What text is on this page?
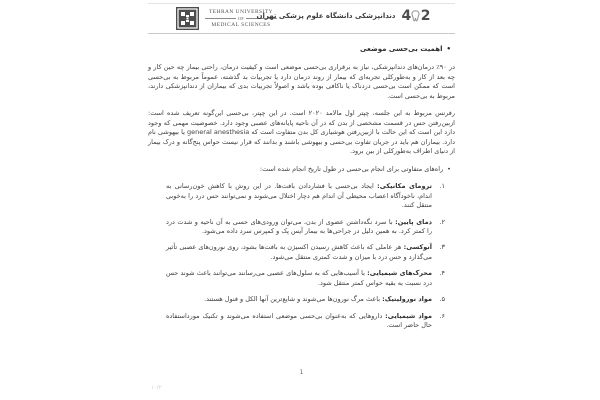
TEHRAN UNIVERSITY
OF
MEDICAL SCIENCES
4 2
دندانپزشکی دانشگاه علوم پزشکی تهران
•اهمیت بی‌حسی موضعی

در ۹۰٪ درمان‌های دندانپزشکی، نیاز به برقراری بی‌حسی موضعی است و کیفیت درمان، راحتی بیمار چه حین کار و چه بعد از کار و به‌طورکلی تجربه‌ای که بیمار از روند درمان دارد یا تجربیات بد گذشته، عموماً مربوط به بی‌حسی است که ممکن است بی‌حسی دردناک یا ناکافی بوده باشد و اصولاً تجربیات بدی که بیماران از دندانپزشکی دارند، مربوط به بی‌حسی است.

رفرنس مربوط به این جلسه، چپتر اول مالامد ۲۰۲۰ است. در این چپتر، بی‌حسی این‌گونه تعریف شده است: ازبین‌رفتن حس در قسمت مشخصی از بدن که در آن ناحیه پایانه‌های عصبی وجود دارد. خصوصیت مهمی که وجود دارد این است که این حالت با ازبین‌رفتن هوشیاری کل بدن متفاوت است که general anesthesia یا بیهوشی نام دارد. بیماران هم باید در جریان تفاوت بی‌حسی و بیهوشی باشند و بدانند که قرار نیست حواس پنج‌گانه و درک بیمار از دنیای اطراف به‌طورکلی از بین برود.

•راه‌های متفاوتی برای انجام بی‌حسی در طول تاریخ انجام شده است:
۱.
ترومای مکانیکی: ایجاد بی‌حسی با فشاردادن بافت‌ها. در این روش با کاهش خون‌رسانی به اندام، ناخودآگاه اعصاب محیطی آن اندام هم دچار اختلال می‌شوند و نمی‌توانند حس درد را به‌خوبی منتقل کنند.
۲.
دمای پایین: با سرد نگه‌داشتن عضوی از بدن، می‌توان ورودی‌های حسی به آن ناحیه و شدت درد را کمتر کرد. به همین دلیل در جراحی‌ها به بیمار آیس پک و کمپرس سرد داده می‌شود.
۳.
آنوکسی: هر عاملی که باعث کاهش رسیدن اکسیژن به بافت‌ها بشود، روی نورون‌های عصبی تأثیر می‌گذارد و حس درد با میزان و شدت کمتری منتقل می‌شود.
۴.
محرک‌های شیمیایی: با آسیب‌هایی که به سلول‌های عصبی می‌رسانند می‌توانند باعث شوند حس درد نسبت به بقیه حواس کمتر منتقل شود.
۵.
مواد نورولیتیک: باعث مرگ نورون‌ها می‌شوند و شایع‌ترین آنها الکل و فنول هستند.
۶.
مواد شیمیایی: داروهایی که به‌عنوان بی‌حسی موضعی استفاده می‌شوند و تکنیک مورداستفاده حال حاضر است.
1
۱۰/۲
